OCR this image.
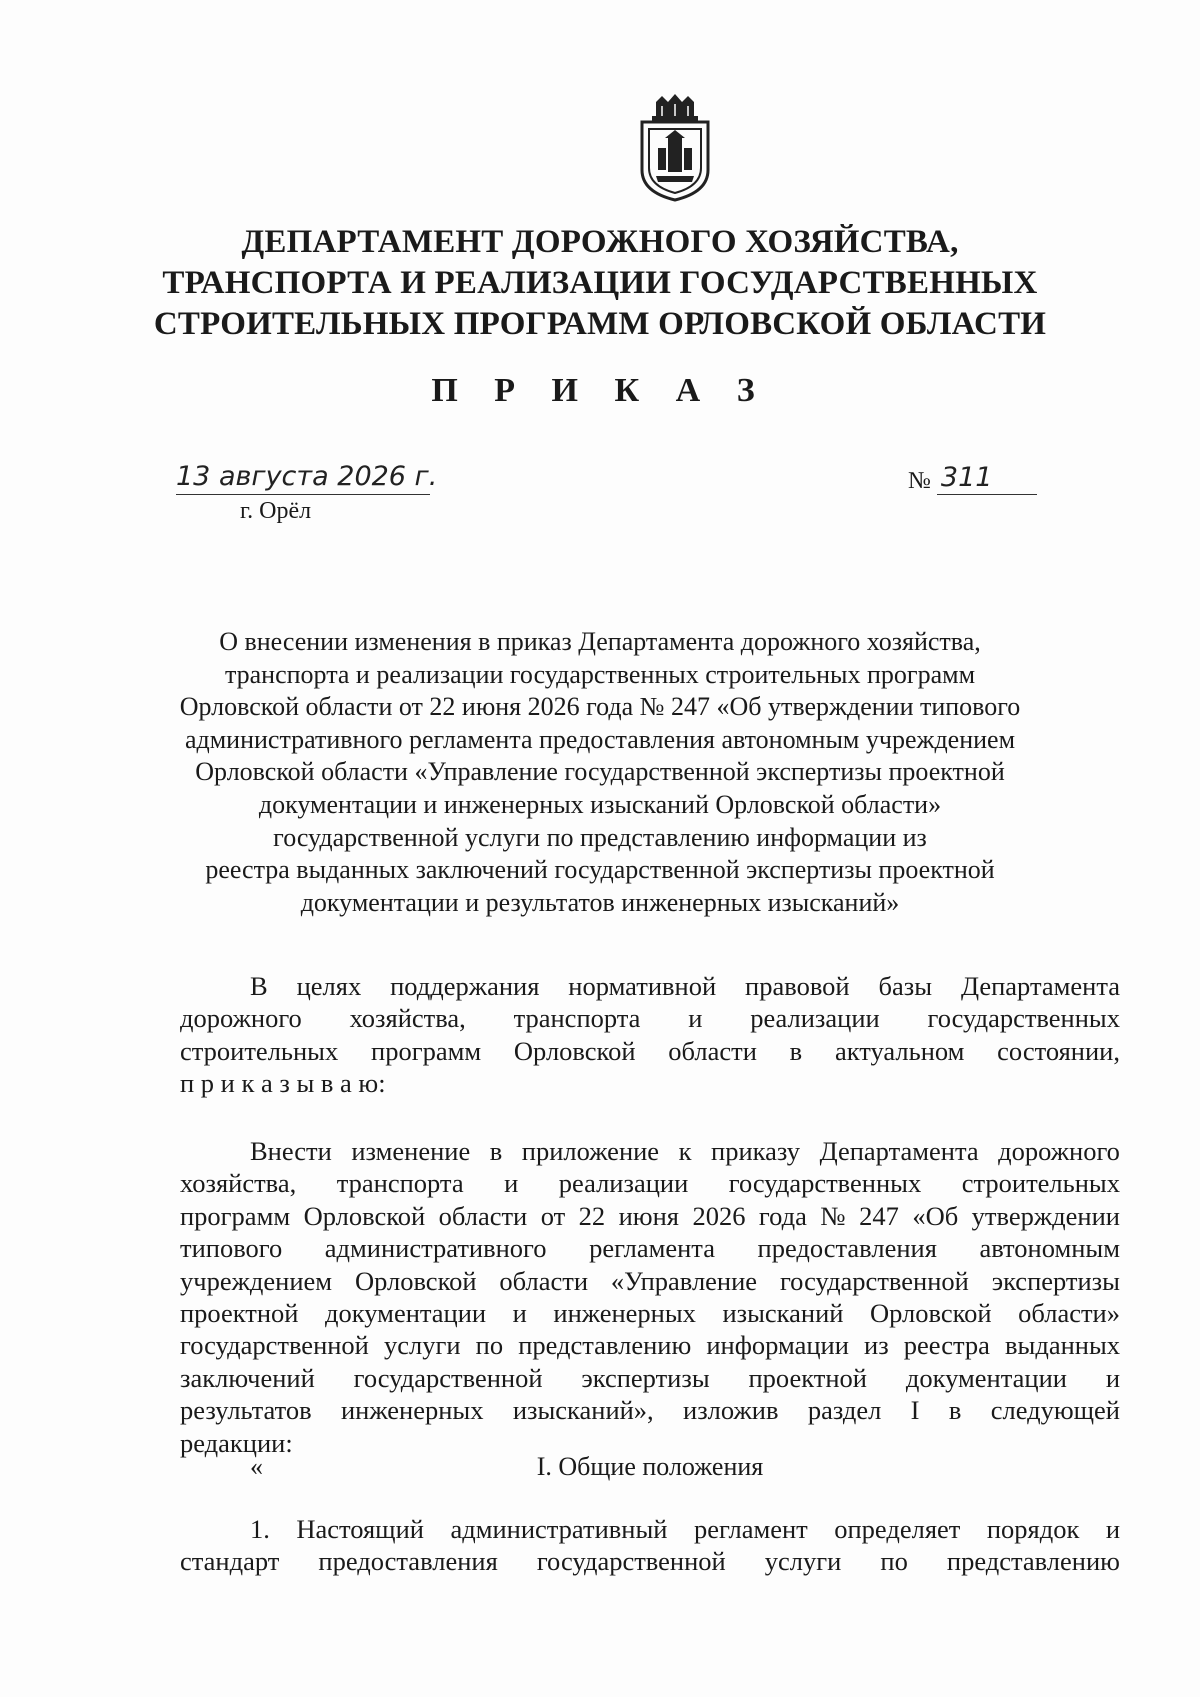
ДЕПАРТАМЕНТ ДОРОЖНОГО ХОЗЯЙСТВА,
ТРАНСПОРТА И РЕАЛИЗАЦИИ ГОСУДАРСТВЕННЫХ
СТРОИТЕЛЬНЫХ ПРОГРАММ ОРЛОВСКОЙ ОБЛАСТИ
П Р И К А З
13 августа 2026 г.
г. Орёл
№ 311
О внесении изменения в приказ Департамента дорожного хозяйства,
транспорта и реализации государственных строительных программ
Орловской области от 22 июня 2026 года № 247 «Об утверждении типового
административного регламента предоставления автономным учреждением
Орловской области «Управление государственной экспертизы проектной
документации и инженерных изысканий Орловской области»
государственной услуги по представлению информации из
реестра выданных заключений государственной экспертизы проектной
документации и результатов инженерных изысканий»
В целях поддержания нормативной правовой базы Департамента
дорожного хозяйства, транспорта и реализации государственных
строительных программ Орловской области в актуальном состоянии,
п р и к а з ы в а ю:
Внести изменение в приложение к приказу Департамента дорожного
хозяйства, транспорта и реализации государственных строительных
программ Орловской области от 22 июня 2026 года № 247 «Об утверждении
типового административного регламента предоставления автономным
учреждением Орловской области «Управление государственной экспертизы
проектной документации и инженерных изысканий Орловской области»
государственной услуги по представлению информации из реестра выданных
заключений государственной экспертизы проектной документации и
результатов инженерных изысканий», изложив раздел I в следующей
редакции:
I. Общие положения
«
1. Настоящий административный регламент определяет порядок и
стандарт предоставления государственной услуги по представлению
